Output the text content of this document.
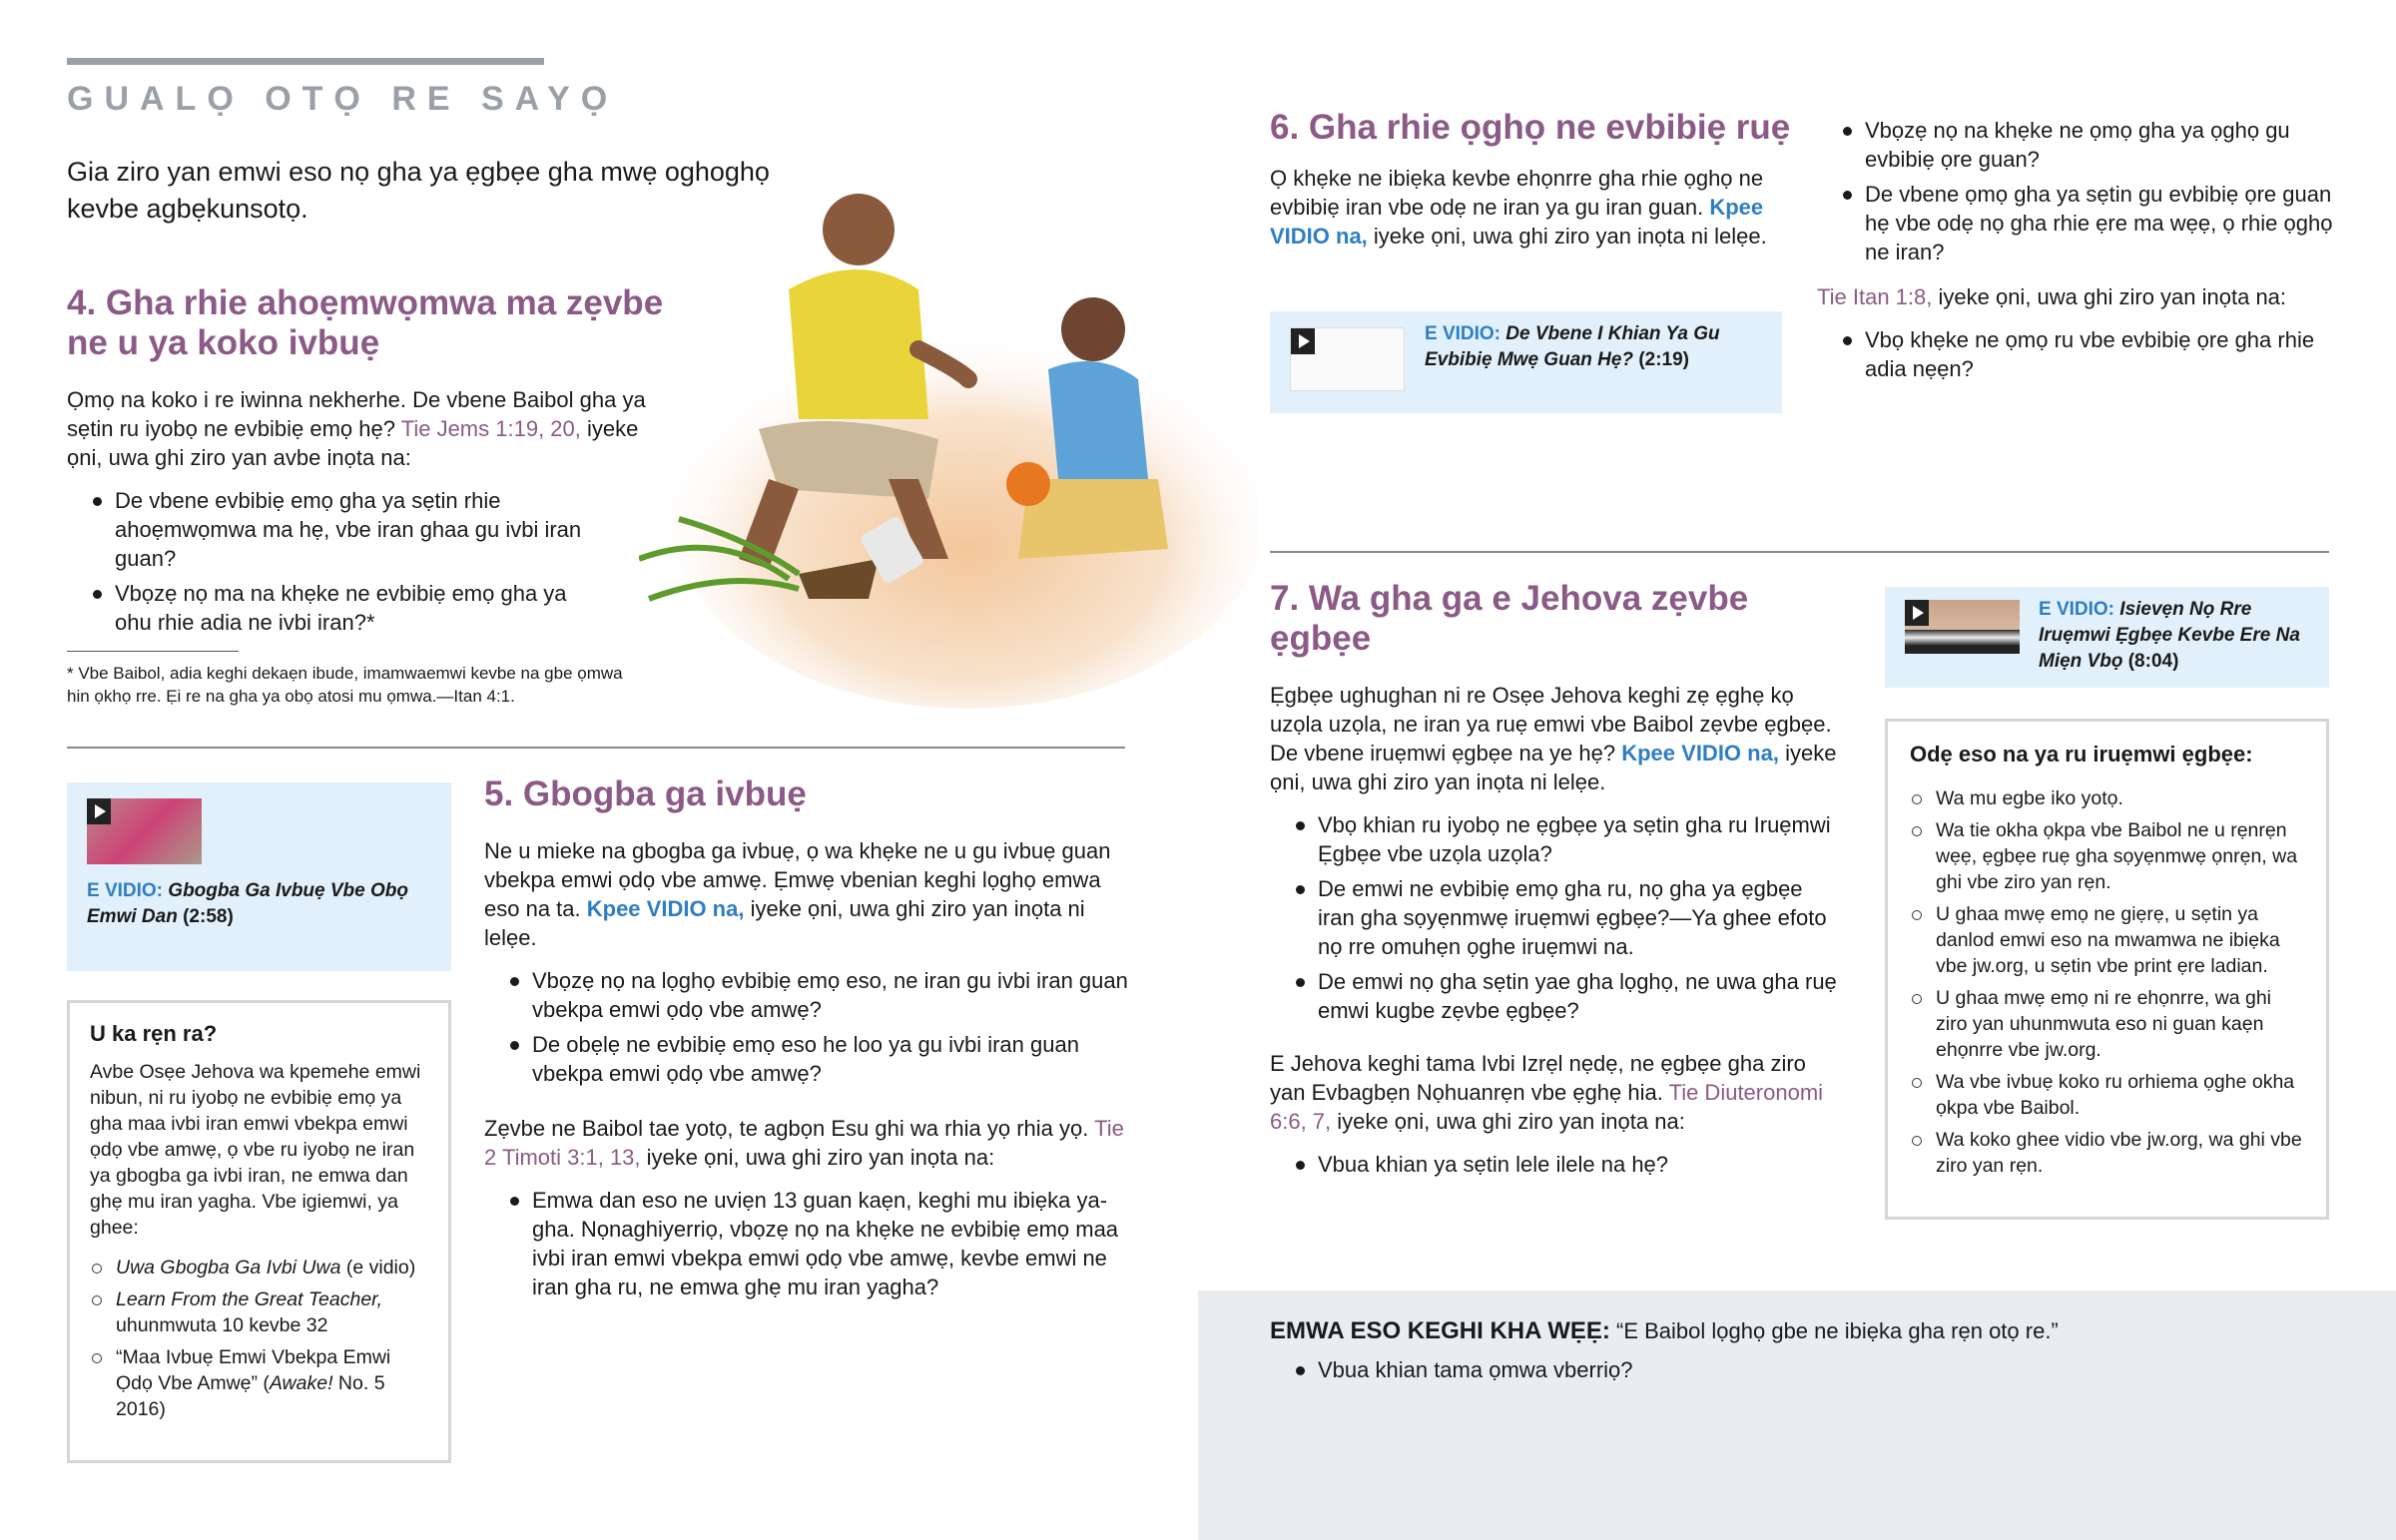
GUALỌ OTỌ RE SAYỌ
Gia ziro yan emwi eso nọ gha ya ẹgbẹe gha mwẹ oghoghọ kevbe agbẹkunsotọ.
4. Gha rhie ahoẹmwọmwa ma zẹvbe ne u ya koko ivbuẹ

Ọmọ na koko i re iwinna nekherhe. De vbene Baibol gha ya sẹtin ru iyobọ ne evbibiẹ emọ hẹ? Tie Jems 1:19, 20, iyeke ọni, uwa ghi ziro yan avbe inọta na:

De vbene evbibiẹ emọ gha ya sẹtin rhie ahoẹmwọmwa ma hẹ, vbe iran ghaa gu ivbi iran guan?
Vbọzẹ nọ ma na khẹke ne evbibiẹ emọ gha ya ohu rhie adia ne ivbi iran?*

* Vbe Baibol, adia keghi dekaẹn ibude, imamwaemwi kevbe na gbe ọmwa hin ọkhọ rre. Ẹi re na gha ya obọ atosi mu ọmwa.—Itan 4:1.

E VIDIO: Gbogba Ga Ivbuẹ Vbe Obọ Emwi Dan (2:58)
U ka rẹn ra?

Avbe Osẹe Jehova wa kpemehe emwi nibun, ni ru iyobọ ne evbibiẹ emọ ya gha maa ivbi iran emwi vbekpa emwi ọdọ vbe amwẹ, ọ vbe ru iyobọ ne iran ya gbogba ga ivbi iran, ne emwa dan ghẹ mu iran yagha. Vbe igiemwi, ya ghee:

Uwa Gbogba Ga Ivbi Uwa (e vidio)
Learn From the Great Teacher, uhunmwuta 10 kevbe 32
“Maa Ivbuẹ Emwi Vbekpa Emwi Ọdọ Vbe Amwẹ” (Awake! No. 5 2016)
5. Gbogba ga ivbuẹ

Ne u mieke na gbogba ga ivbuẹ, ọ wa khẹke ne u gu ivbuẹ guan vbekpa emwi ọdọ vbe amwẹ. Ẹmwẹ vbenian keghi lọghọ emwa eso na ta. Kpee VIDIO na, iyeke ọni, uwa ghi ziro yan inọta ni lelẹe.

Vbọzẹ nọ na lọghọ evbibiẹ emọ eso, ne iran gu ivbi iran guan vbekpa emwi ọdọ vbe amwẹ?
De obẹlẹ ne evbibiẹ emọ eso he loo ya gu ivbi iran guan vbekpa emwi ọdọ vbe amwẹ?

Zẹvbe ne Baibol tae yotọ, te agbọn Esu ghi wa rhia yọ rhia yọ. Tie 2 Timoti 3:1, 13, iyeke ọni, uwa ghi ziro yan inọta na:

Emwa dan eso ne uviẹn 13 guan kaẹn, keghi mu ibiẹka yagha. Nọnaghiyerriọ, vbọzẹ nọ na khẹke ne evbibiẹ emọ maa ivbi iran emwi vbekpa emwi ọdọ vbe amwẹ, kevbe emwi ne iran gha ru, ne emwa ghẹ mu iran yagha?
6. Gha rhie ọghọ ne evbibiẹ ruẹ

Ọ khẹke ne ibiẹka kevbe ehọnrre gha rhie ọghọ ne evbibiẹ iran vbe odẹ ne iran ya gu iran guan. Kpee VIDIO na, iyeke ọni, uwa ghi ziro yan inọta ni lelẹe.

E VIDIO: De Vbene I Khian Ya Gu Evbibiẹ Mwẹ Guan Hẹ? (2:19)
Vbọzẹ nọ na khẹke ne ọmọ gha ya ọghọ gu evbibiẹ ọre guan?
De vbene ọmọ gha ya sẹtin gu evbibiẹ ọre guan hẹ vbe odẹ nọ gha rhie ẹre ma wẹẹ, ọ rhie ọghọ ne iran?

Tie Itan 1:8, iyeke ọni, uwa ghi ziro yan inọta na:

Vbọ khẹke ne ọmọ ru vbe evbibiẹ ọre gha rhie adia nẹẹn?
7. Wa gha ga e Jehova zẹvbe ẹgbẹe

Ẹgbẹe ughughan ni re Osẹe Jehova keghi zẹ ẹghẹ kọ uzọla uzọla, ne iran ya ruẹ emwi vbe Baibol zẹvbe ẹgbẹe. De vbene iruẹmwi ẹgbẹe na ye hẹ? Kpee VIDIO na, iyeke ọni, uwa ghi ziro yan inọta ni lelẹe.

Vbọ khian ru iyobọ ne ẹgbẹe ya sẹtin gha ru Iruẹmwi Ẹgbẹe vbe uzọla uzọla?
De emwi ne evbibiẹ emọ gha ru, nọ gha ya ẹgbẹe iran gha sọyẹnmwẹ iruẹmwi ẹgbẹe?—Ya ghee efoto nọ rre omuhẹn ọghe iruẹmwi na.
De emwi nọ gha sẹtin yae gha lọghọ, ne uwa gha ruẹ emwi kugbe zẹvbe ẹgbẹe?

E Jehova keghi tama Ivbi Izrẹl nẹdẹ, ne ẹgbẹe gha ziro yan Evbagbẹn Nọhuanrẹn vbe ẹghẹ hia. Tie Diuteronomi 6:6, 7, iyeke ọni, uwa ghi ziro yan inọta na:

Vbua khian ya sẹtin lele ilele na hẹ?
E VIDIO: Isievẹn Nọ Rre Iruẹmwi Ẹgbẹe Kevbe Ere Na Miẹn Vbọ (8:04)
Odẹ eso na ya ru iruẹmwi ẹgbẹe:
Wa mu egbe iko yotọ.
Wa tie okha ọkpa vbe Baibol ne u rẹnrẹn wẹẹ, ẹgbẹe ruẹ gha sọyẹnmwẹ ọnrẹn, wa ghi vbe ziro yan rẹn.
U ghaa mwẹ emọ ne giẹrẹ, u sẹtin ya danlod emwi eso na mwamwa ne ibiẹka vbe jw.org, u sẹtin vbe print ẹre ladian.
U ghaa mwẹ emọ ni re ehọnrre, wa ghi ziro yan uhunmwuta eso ni guan kaẹn ehọnrre vbe jw.org.
Wa vbe ivbuẹ koko ru orhiema ọghe okha ọkpa vbe Baibol.
Wa koko ghee vidio vbe jw.org, wa ghi vbe ziro yan rẹn.

EMWA ESO KEGHI KHA WẸẸ: “E Baibol lọghọ gbe ne ibiẹka gha rẹn otọ re.”

Vbua khian tama ọmwa vberriọ?
